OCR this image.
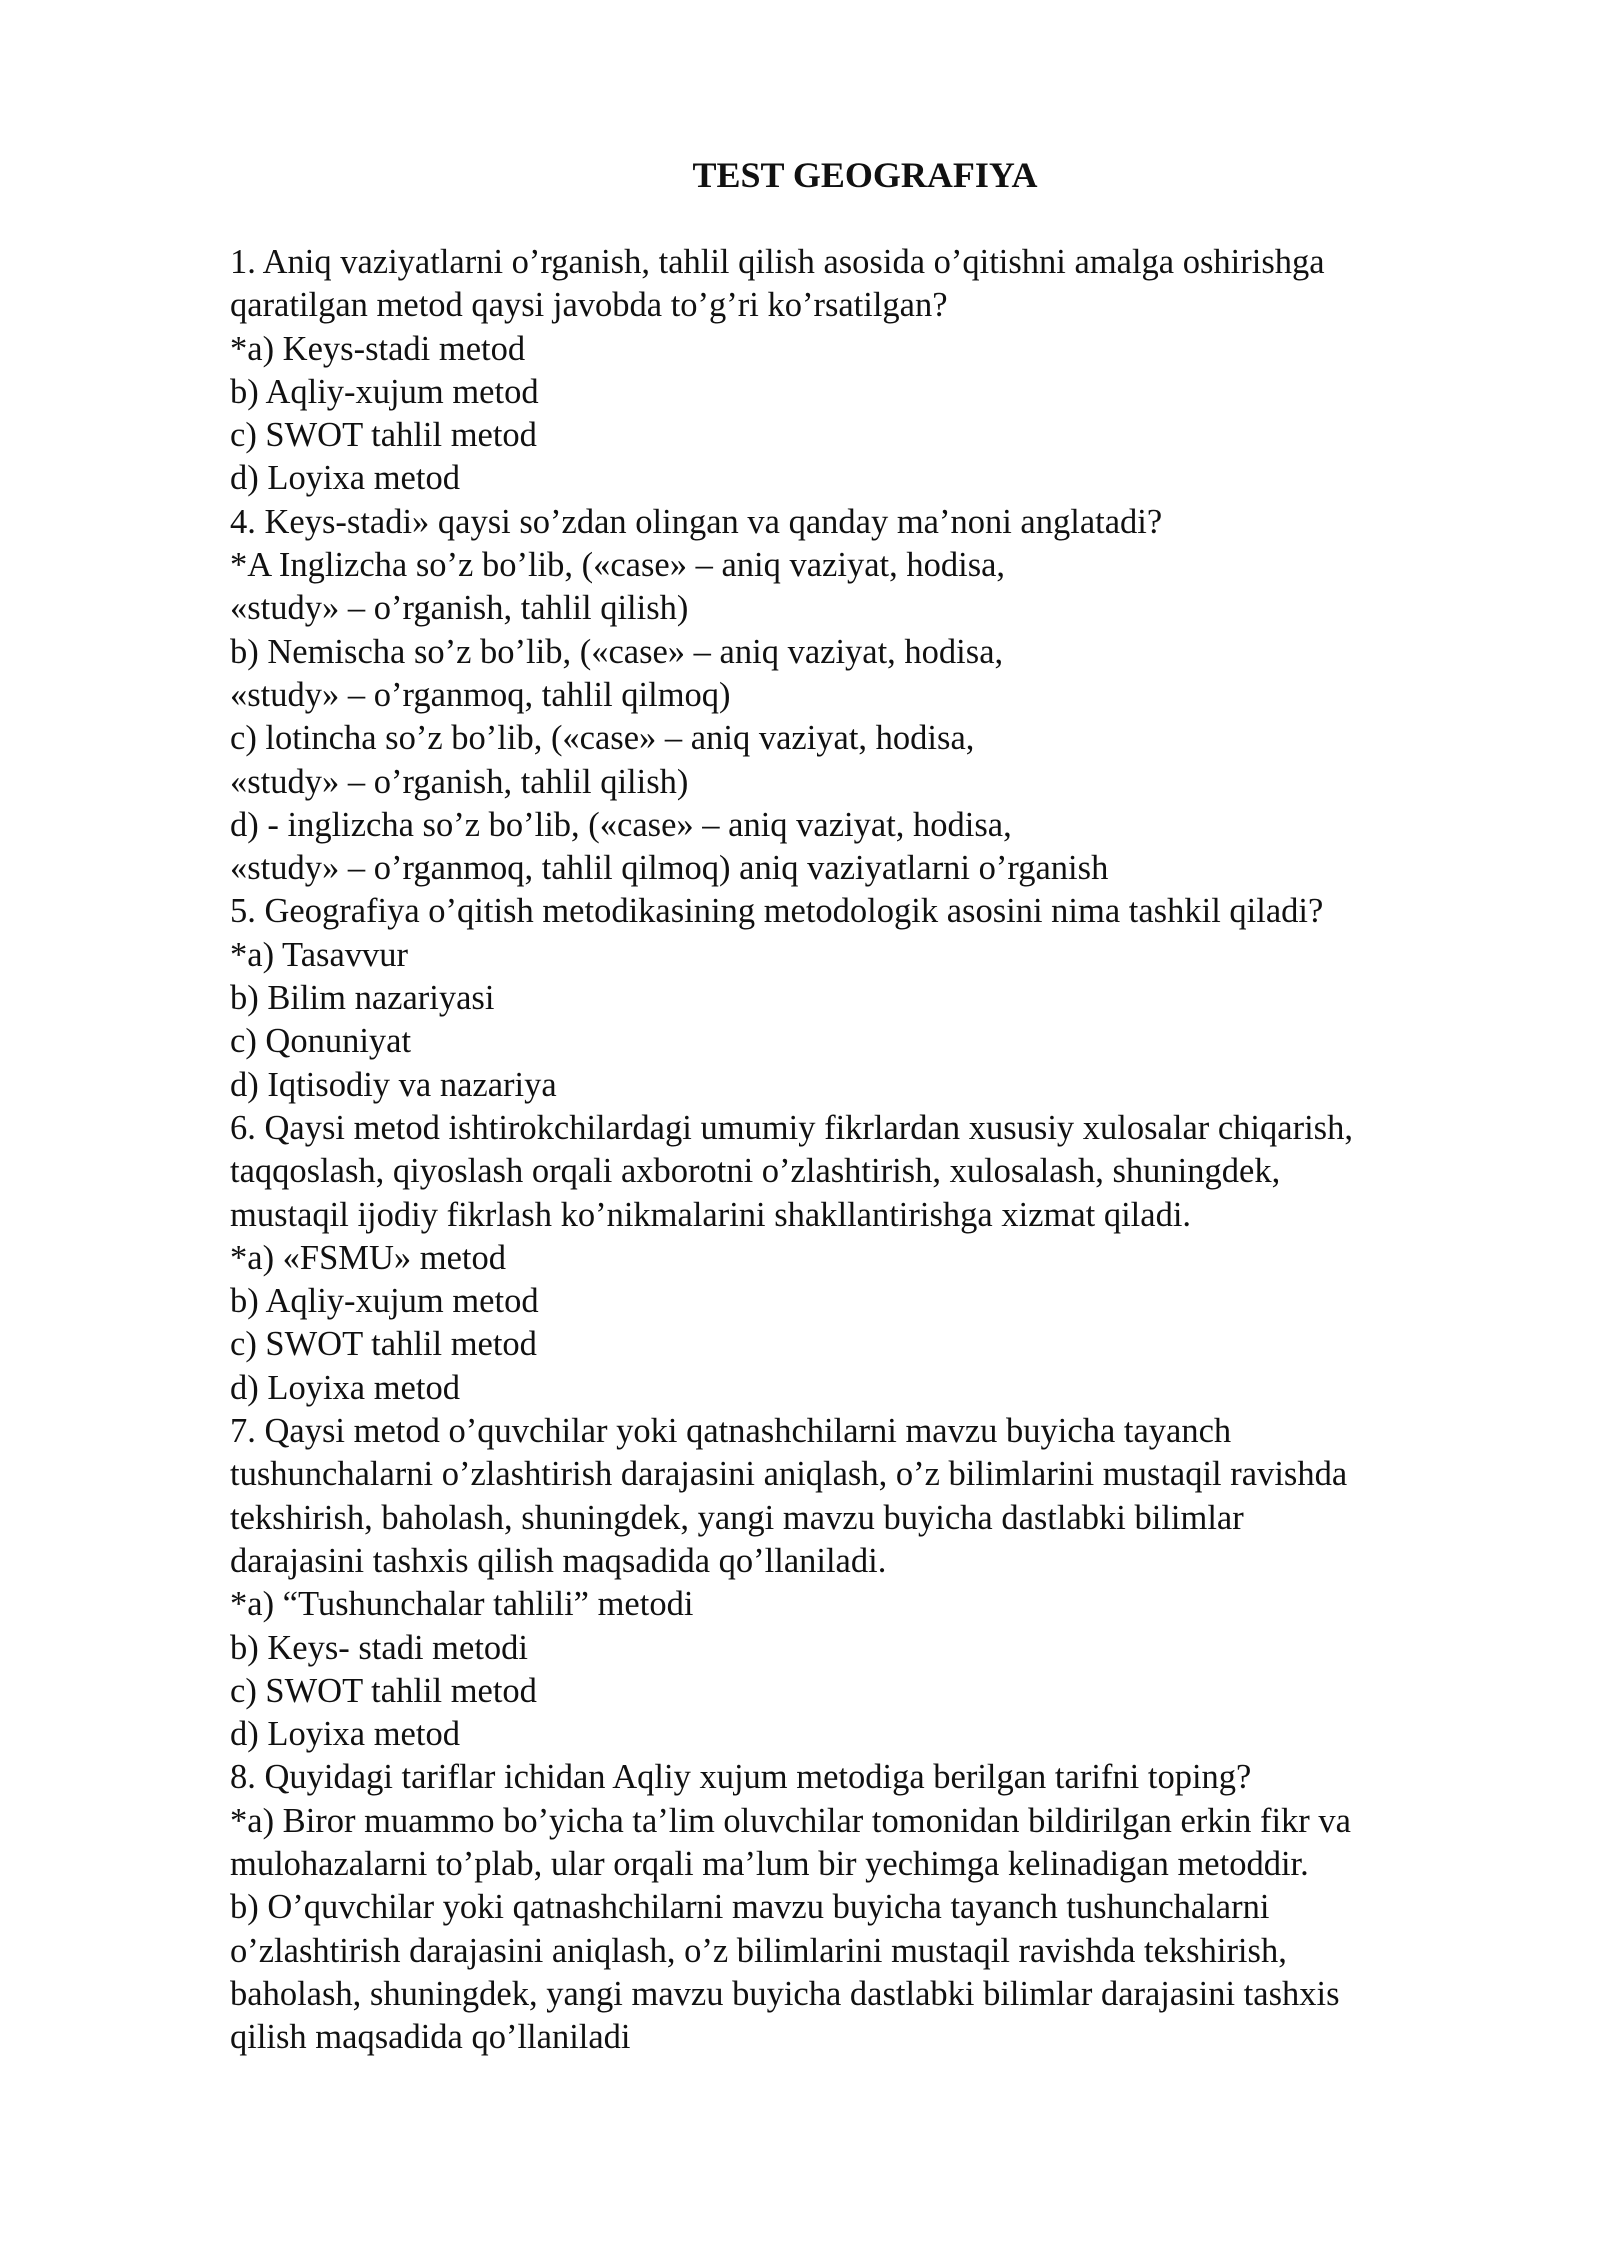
TEST GEOGRAFIYA
1. Aniq vaziyatlarni o’rganish, tahlil qilish asosida o’qitishni amalga oshirishga
qaratilgan metod qaysi javobda to’g’ri ko’rsatilgan?
*a) Keys-stadi metod
b) Aqliy-xujum metod
c) SWOT tahlil metod
d) Loyixa metod
4. Keys-stadi» qaysi so’zdan olingan va qanday ma’noni anglatadi?
*A Inglizcha so’z bo’lib, («case» – aniq vaziyat, hodisa,
«study» – o’rganish, tahlil qilish)
b) Nemischa so’z bo’lib, («case» – aniq vaziyat, hodisa,
«study» – o’rganmoq, tahlil qilmoq)
c) lotincha so’z bo’lib, («case» – aniq vaziyat, hodisa,
«study» – o’rganish, tahlil qilish)
d) - inglizcha so’z bo’lib, («case» – aniq vaziyat, hodisa,
«study» – o’rganmoq, tahlil qilmoq) aniq vaziyatlarni o’rganish
5. Geografiya o’qitish metodikasining metodologik asosini nima tashkil qiladi?
*a) Tasavvur
b) Bilim nazariyasi
c) Qonuniyat
d) Iqtisodiy va nazariya
6. Qaysi metod ishtirokchilardagi umumiy fikrlardan xususiy xulosalar chiqarish,
taqqoslash, qiyoslash orqali axborotni o’zlashtirish, xulosalash, shuningdek,
mustaqil ijodiy fikrlash ko’nikmalarini shakllantirishga xizmat qiladi.
*a) «FSMU» metod
b) Aqliy-xujum metod
c) SWOT tahlil metod
d) Loyixa metod
7. Qaysi metod o’quvchilar yoki qatnashchilarni mavzu buyicha tayanch
tushunchalarni o’zlashtirish darajasini aniqlash, o’z bilimlarini mustaqil ravishda
tekshirish, baholash, shuningdek, yangi mavzu buyicha dastlabki bilimlar
darajasini tashxis qilish maqsadida qo’llaniladi.
*a) “Tushunchalar tahlili” metodi
b) Keys- stadi metodi
c) SWOT tahlil metod
d) Loyixa metod
8. Quyidagi tariflar ichidan Aqliy xujum metodiga berilgan tarifni toping?
*a) Biror muammo bo’yicha ta’lim oluvchilar tomonidan bildirilgan erkin fikr va
mulohazalarni to’plab, ular orqali ma’lum bir yechimga kelinadigan metoddir.
b) O’quvchilar yoki qatnashchilarni mavzu buyicha tayanch tushunchalarni
o’zlashtirish darajasini aniqlash, o’z bilimlarini mustaqil ravishda tekshirish,
baholash, shuningdek, yangi mavzu buyicha dastlabki bilimlar darajasini tashxis
qilish maqsadida qo’llaniladi
